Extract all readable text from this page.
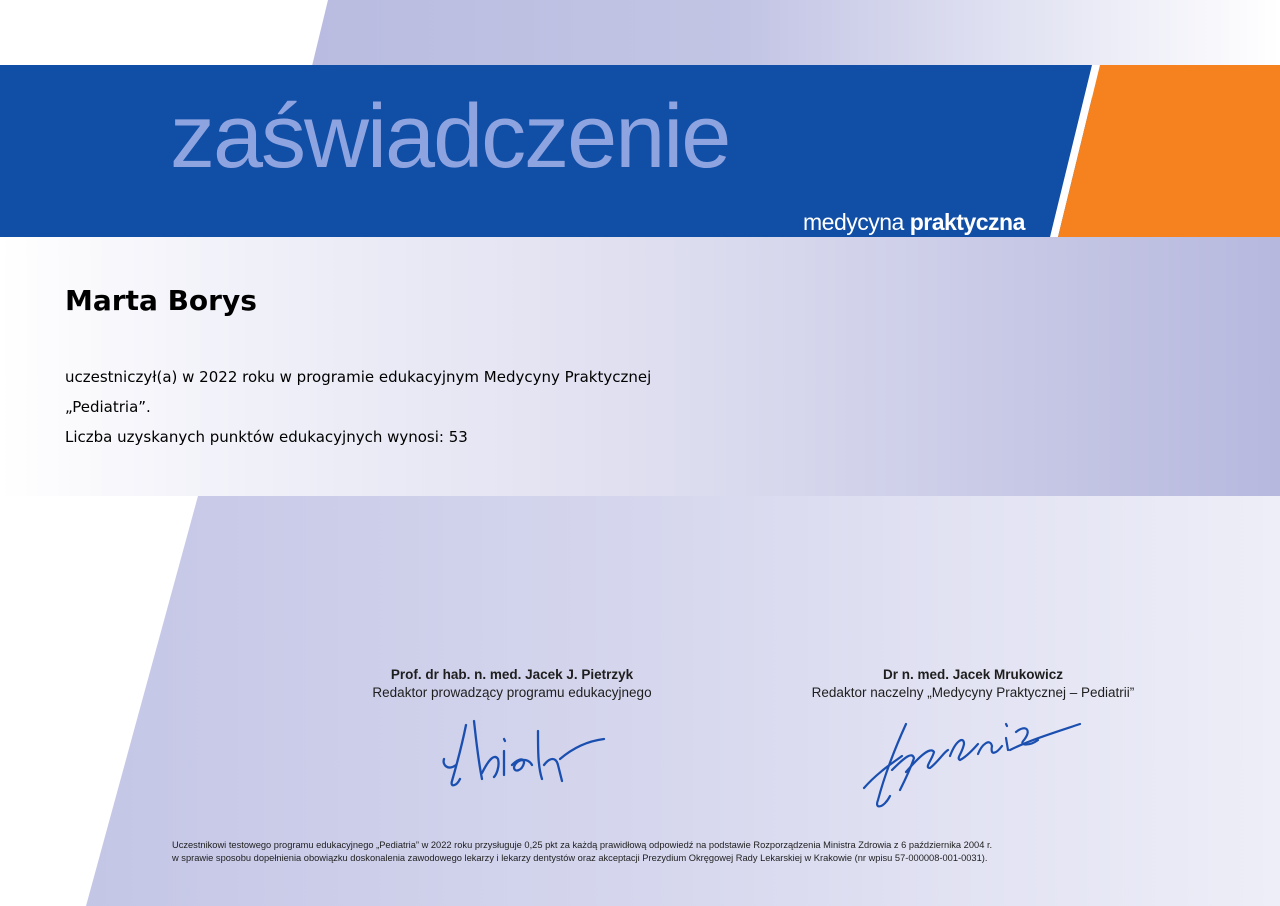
zaświadczenie
medycyna praktyczna
Marta Borys
uczestniczył(a) w 2022 roku w programie edukacyjnym Medycyny Praktycznej
„Pediatria”.
Liczba uzyskanych punktów edukacyjnych wynosi: 53
Prof. dr hab. n. med. Jacek J. Pietrzyk
Redaktor prowadzący programu edukacyjnego
Dr n. med. Jacek Mrukowicz
Redaktor naczelny „Medycyny Praktycznej – Pediatrii”
Uczestnikowi testowego programu edukacyjnego „Pediatria” w 2022 roku przysługuje 0,25 pkt za każdą prawidłową odpowiedź na podstawie Rozporządzenia Ministra Zdrowia z 6 października 2004 r.
w sprawie sposobu dopełnienia obowiązku doskonalenia zawodowego lekarzy i lekarzy dentystów oraz akceptacji Prezydium Okręgowej Rady Lekarskiej w Krakowie (nr wpisu 57-000008-001-0031).
